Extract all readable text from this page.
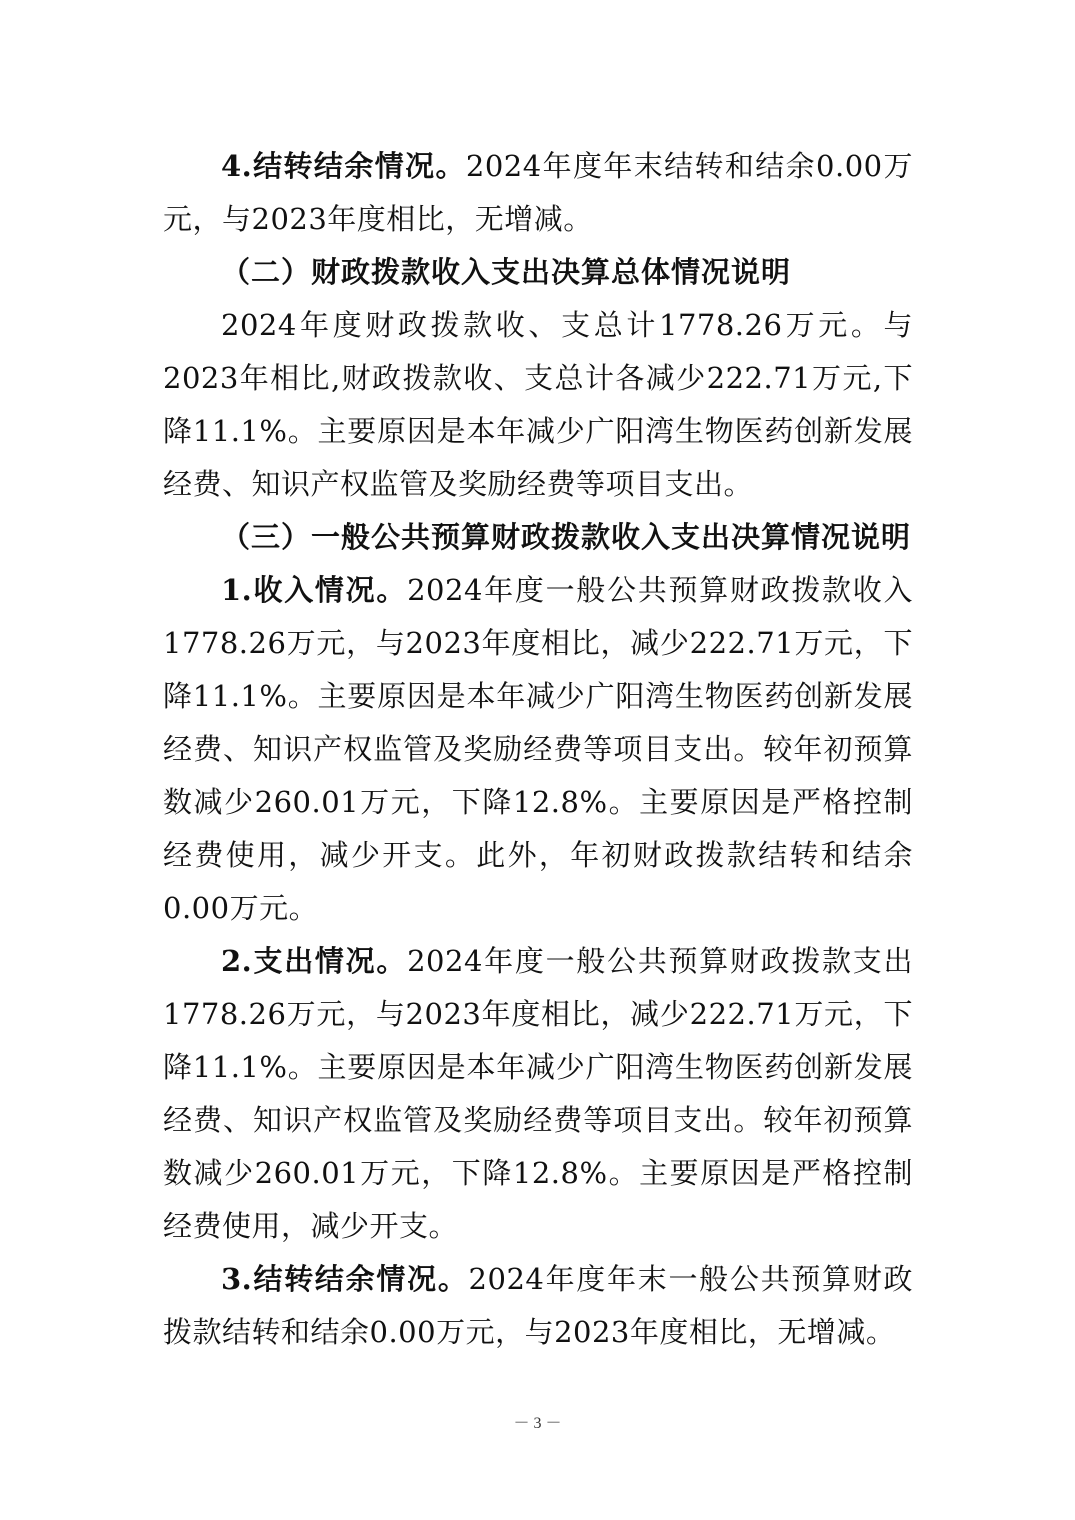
4.结转结余情况。2024年度年末结转和结余0.00万元，与2023年度相比，无增减。

（二）财政拨款收入支出决算总体情况说明

2024年度财政拨款收、支总计1778.26万元。与2023年相比,财政拨款收、支总计各减少222.71万元,下降11.1%。主要原因是本年减少广阳湾生物医药创新发展经费、知识产权监管及奖励经费等项目支出。

（三）一般公共预算财政拨款收入支出决算情况说明

1.收入情况。2024年度一般公共预算财政拨款收入1778.26万元，与2023年度相比，减少222.71万元，下降11.1%。主要原因是本年减少广阳湾生物医药创新发展经费、知识产权监管及奖励经费等项目支出。较年初预算数减少260.01万元，下降12.8%。主要原因是严格控制经费使用，减少开支。此外，年初财政拨款结转和结余0.00万元。

2.支出情况。2024年度一般公共预算财政拨款支出1778.26万元，与2023年度相比，减少222.71万元，下降11.1%。主要原因是本年减少广阳湾生物医药创新发展经费、知识产权监管及奖励经费等项目支出。较年初预算数减少260.01万元，下降12.8%。主要原因是严格控制经费使用，减少开支。

3.结转结余情况。2024年度年末一般公共预算财政拨款结转和结余0.00万元，与2023年度相比，无增减。

－ 3 －
